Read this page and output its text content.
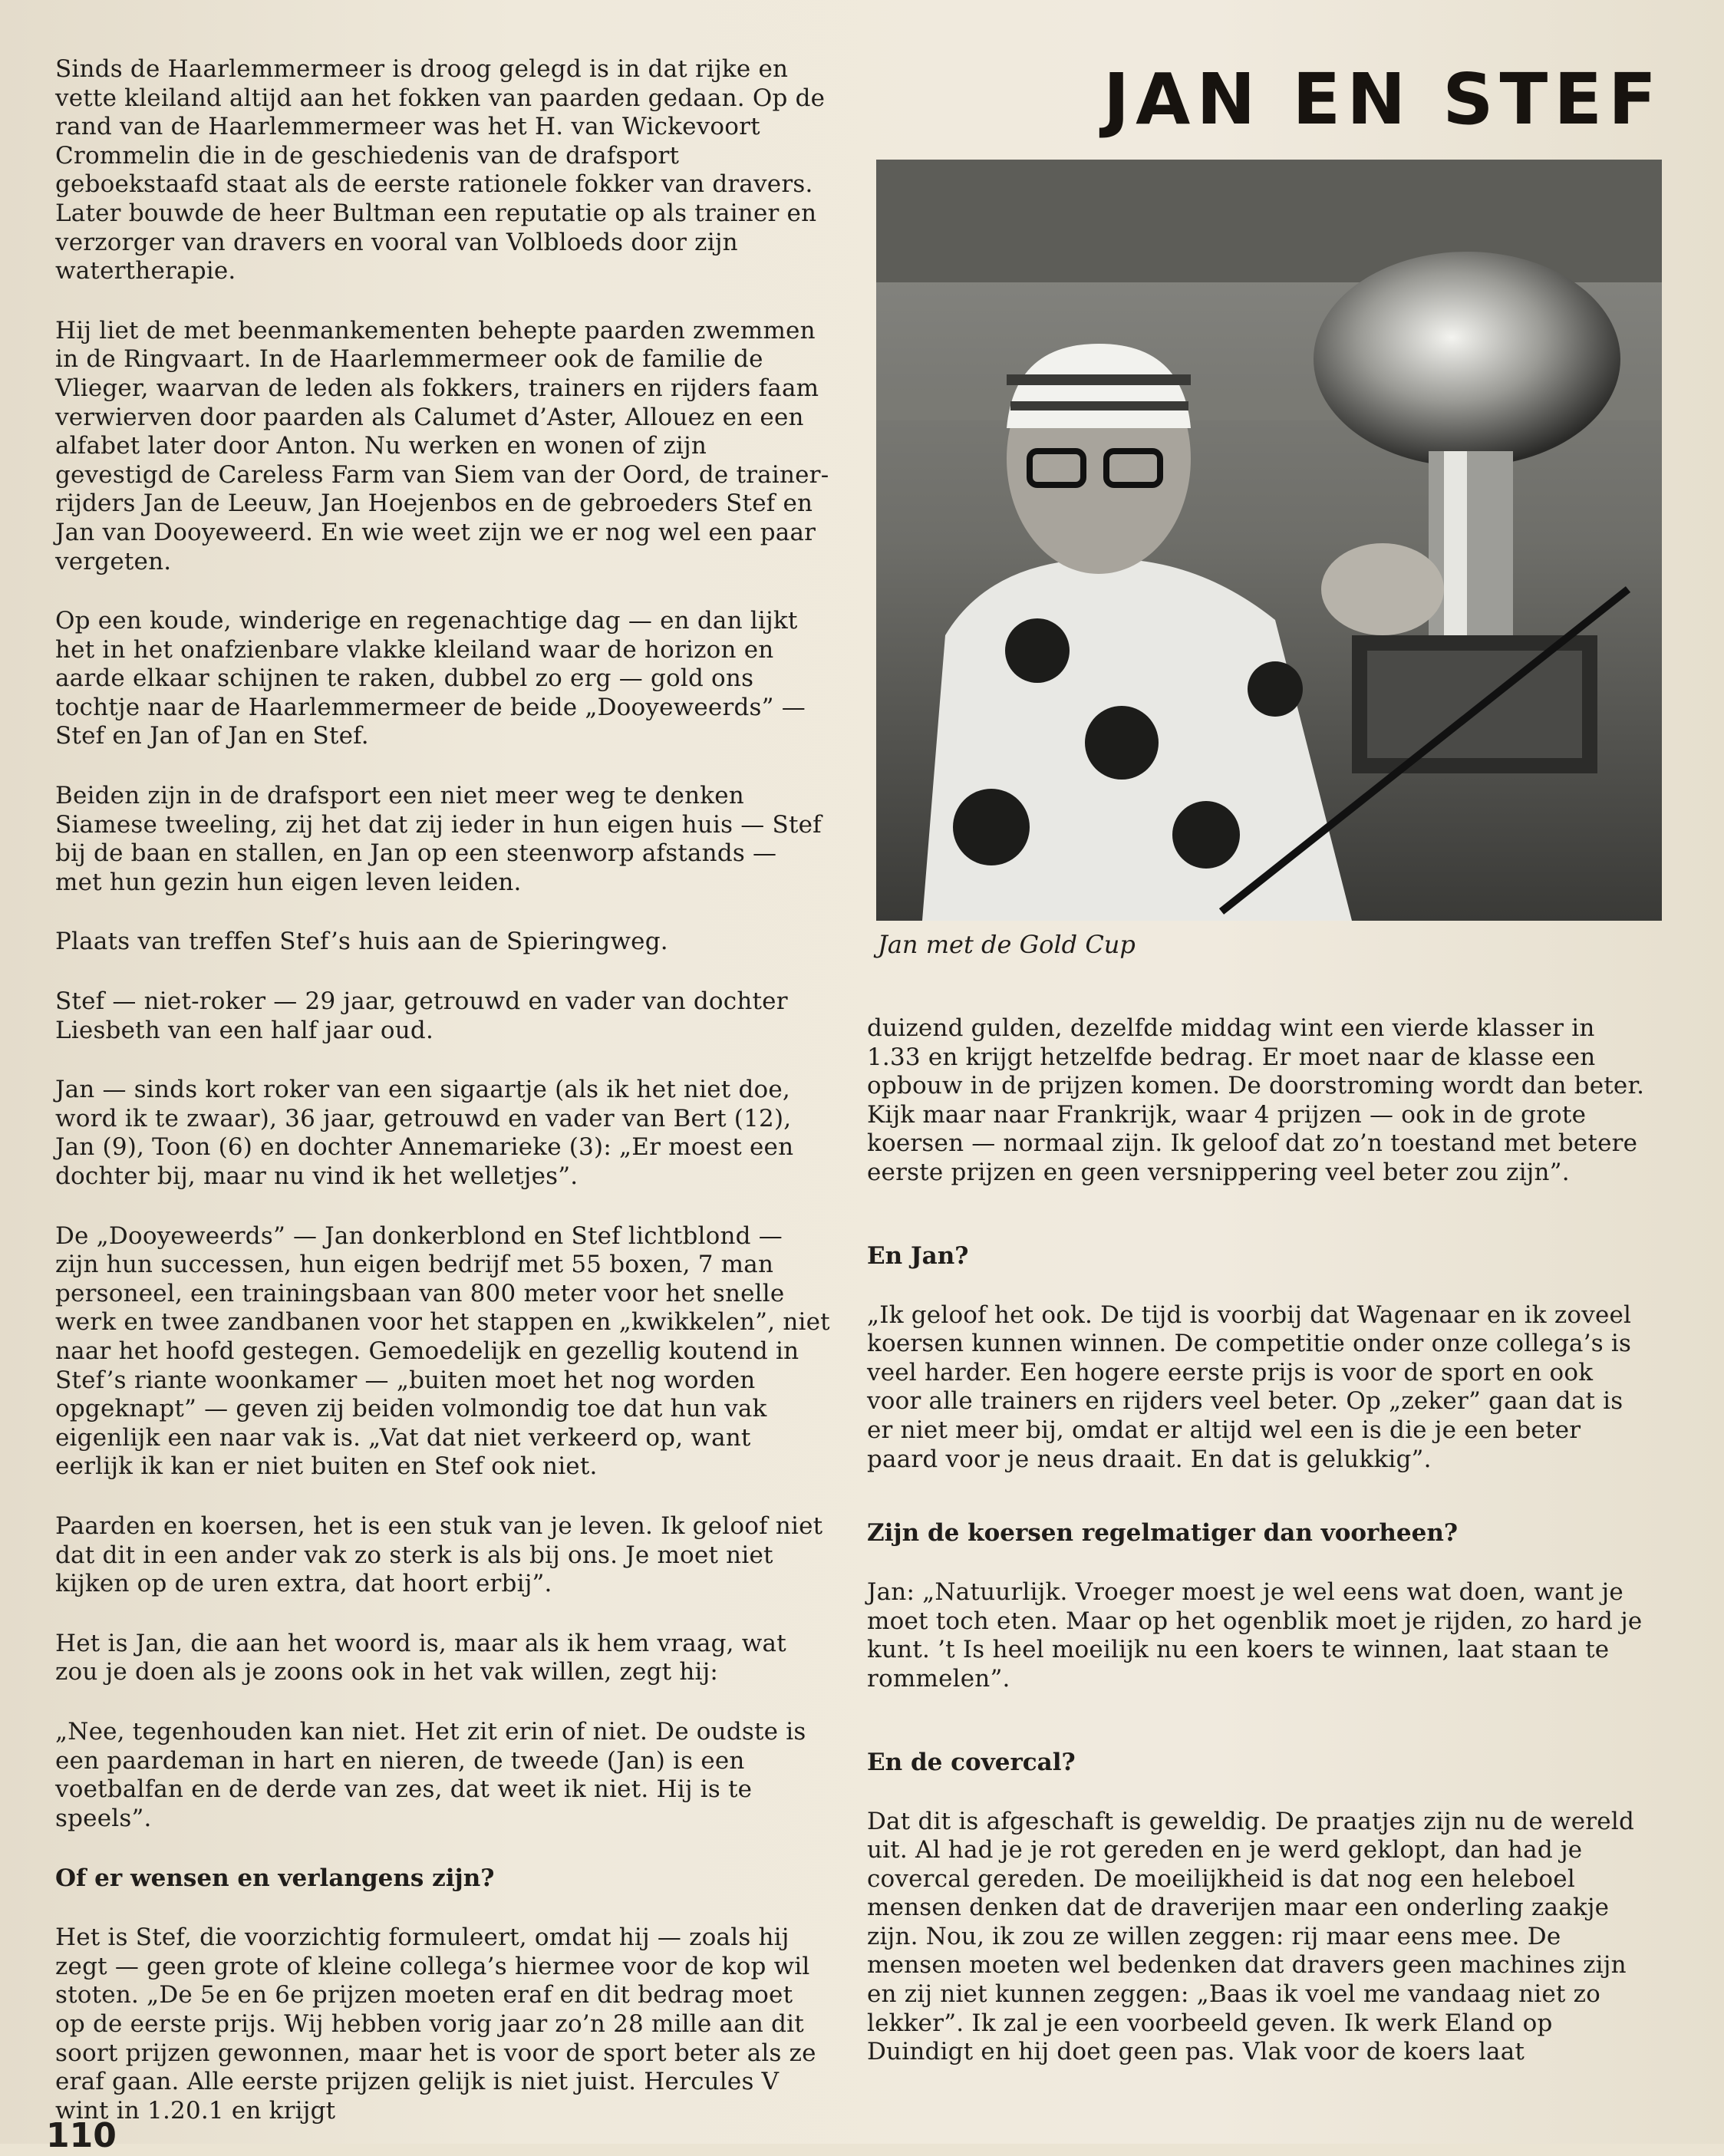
JAN EN STEF
Jan met de Gold Cup

Sinds de Haarlemmermeer is droog gelegd is in dat rijke en vette kleiland altijd aan het fokken van paarden gedaan. Op de rand van de Haarlemmermeer was het H. van Wickevoort Crommelin die in de geschiedenis van de drafsport geboekstaafd staat als de eerste rationele fokker van dravers. Later bouwde de heer Bultman een reputatie op als trainer en verzorger van dravers en vooral van Volbloeds door zijn watertherapie.

Hij liet de met beenmankementen behepte paarden zwemmen in de Ringvaart. In de Haarlemmermeer ook de familie de Vlieger, waarvan de leden als fokkers, trainers en rijders faam verwierven door paarden als Calumet d’Aster, Allouez en een alfabet later door Anton. Nu werken en wonen of zijn gevestigd de Careless Farm van Siem van der Oord, de trainer-rijders Jan de Leeuw, Jan Hoejenbos en de gebroeders Stef en Jan van Dooyeweerd. En wie weet zijn we er nog wel een paar vergeten.

Op een koude, winderige en regenachtige dag — en dan lijkt het in het onafzienbare vlakke kleiland waar de horizon en aarde elkaar schijnen te raken, dubbel zo erg — gold ons tochtje naar de Haarlemmermeer de beide „Dooyeweerds” — Stef en Jan of Jan en Stef.

Beiden zijn in de drafsport een niet meer weg te denken Siamese tweeling, zij het dat zij ieder in hun eigen huis — Stef bij de baan en stallen, en Jan op een steenworp afstands — met hun gezin hun eigen leven leiden.

Plaats van treffen Stef’s huis aan de Spieringweg.

Stef — niet-roker — 29 jaar, getrouwd en vader van dochter Liesbeth van een half jaar oud.

Jan — sinds kort roker van een sigaartje (als ik het niet doe, word ik te zwaar), 36 jaar, getrouwd en vader van Bert (12), Jan (9), Toon (6) en dochter Annemarieke (3): „Er moest een dochter bij, maar nu vind ik het welletjes”.

De „Dooyeweerds” — Jan donkerblond en Stef lichtblond — zijn hun successen, hun eigen bedrijf met 55 boxen, 7 man personeel, een trainingsbaan van 800 meter voor het snelle werk en twee zandbanen voor het stappen en „kwikkelen”, niet naar het hoofd gestegen. Gemoedelijk en gezellig koutend in Stef’s riante woonkamer — „buiten moet het nog worden opgeknapt” — geven zij beiden volmondig toe dat hun vak eigenlijk een naar vak is. „Vat dat niet verkeerd op, want eerlijk ik kan er niet buiten en Stef ook niet.

Paarden en koersen, het is een stuk van je leven. Ik geloof niet dat dit in een ander vak zo sterk is als bij ons. Je moet niet kijken op de uren extra, dat hoort erbij”.

Het is Jan, die aan het woord is, maar als ik hem vraag, wat zou je doen als je zoons ook in het vak willen, zegt hij:

„Nee, tegenhouden kan niet. Het zit erin of niet. De oudste is een paardeman in hart en nieren, de tweede (Jan) is een voetbalfan en de derde van zes, dat weet ik niet. Hij is te speels”.

Of er wensen en verlangens zijn?

Het is Stef, die voorzichtig formuleert, omdat hij — zoals hij zegt — geen grote of kleine collega’s hiermee voor de kop wil stoten. „De 5e en 6e prijzen moeten eraf en dit bedrag moet op de eerste prijs. Wij hebben vorig jaar zo’n 28 mille aan dit soort prijzen gewonnen, maar het is voor de sport beter als ze eraf gaan. Alle eerste prijzen gelijk is niet juist. Hercules V wint in 1.20.1 en krijgt

duizend gulden, dezelfde middag wint een vierde klasser in 1.33 en krijgt hetzelfde bedrag. Er moet naar de klasse een opbouw in de prijzen komen. De doorstroming wordt dan beter. Kijk maar naar Frankrijk, waar 4 prijzen — ook in de grote koersen — normaal zijn. Ik geloof dat zo’n toestand met betere eerste prijzen en geen versnippering veel beter zou zijn”.

En Jan?

„Ik geloof het ook. De tijd is voorbij dat Wagenaar en ik zoveel koersen kunnen winnen. De competitie onder onze collega’s is veel harder. Een hogere eerste prijs is voor de sport en ook voor alle trainers en rijders veel beter. Op „zeker” gaan dat is er niet meer bij, omdat er altijd wel een is die je een beter paard voor je neus draait. En dat is gelukkig”.

Zijn de koersen regelmatiger dan voorheen?

Jan: „Natuurlijk. Vroeger moest je wel eens wat doen, want je moet toch eten. Maar op het ogenblik moet je rijden, zo hard je kunt. ’t Is heel moeilijk nu een koers te winnen, laat staan te rommelen”.

En de covercal?

Dat dit is afgeschaft is geweldig. De praatjes zijn nu de wereld uit. Al had je je rot gereden en je werd geklopt, dan had je covercal gereden. De moeilijkheid is dat nog een heleboel mensen denken dat de draverijen maar een onderling zaakje zijn. Nou, ik zou ze willen zeggen: rij maar eens mee. De mensen moeten wel bedenken dat dravers geen machines zijn en zij niet kunnen zeggen: „Baas ik voel me vandaag niet zo lekker”. Ik zal je een voorbeeld geven. Ik werk Eland op Duindigt en hij doet geen pas. Vlak voor de koers laat

110
